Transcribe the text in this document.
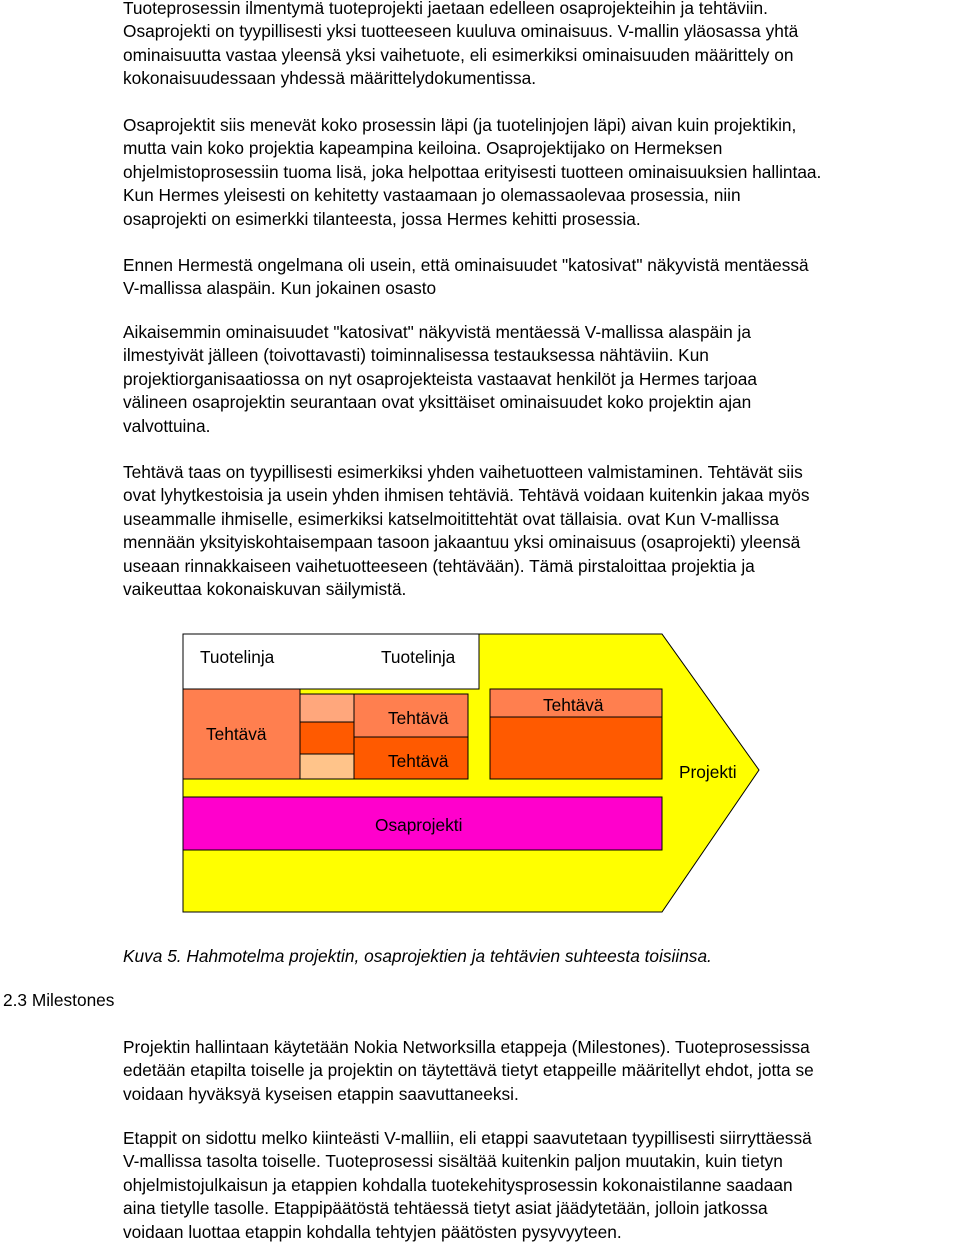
Tuoteprosessin ilmentymä tuoteprojekti jaetaan edelleen osaprojekteihin ja tehtäviin.
Osaprojekti on tyypillisesti yksi tuotteeseen kuuluva ominaisuus. V-mallin yläosassa yhtä
ominaisuutta vastaa yleensä yksi vaihetuote, eli esimerkiksi ominaisuuden määrittely on
kokonaisuudessaan yhdessä määrittelydokumentissa.

Osaprojektit siis menevät koko prosessin läpi (ja tuotelinjojen läpi) aivan kuin projektikin,
mutta vain koko projektia kapeampina keiloina. Osaprojektijako on Hermeksen
ohjelmistoprosessiin tuoma lisä, joka helpottaa erityisesti tuotteen ominaisuuksien hallintaa.
Kun Hermes yleisesti on kehitetty vastaamaan jo olemassaolevaa prosessia, niin
osaprojekti on esimerkki tilanteesta, jossa Hermes kehitti prosessia.

Ennen Hermestä ongelmana oli usein, että ominaisuudet "katosivat" näkyvistä mentäessä
V-mallissa alaspäin. Kun jokainen osasto

Aikaisemmin ominaisuudet "katosivat" näkyvistä mentäessä V-mallissa alaspäin ja
ilmestyivät jälleen (toivottavasti) toiminnalisessa testauksessa nähtäviin. Kun
projektiorganisaatiossa on nyt osaprojekteista vastaavat henkilöt ja Hermes tarjoaa
välineen osaprojektin seurantaan ovat yksittäiset ominaisuudet koko projektin ajan
valvottuina.

Tehtävä taas on tyypillisesti esimerkiksi yhden vaihetuotteen valmistaminen. Tehtävät siis
ovat lyhytkestoisia ja usein yhden ihmisen tehtäviä. Tehtävä voidaan kuitenkin jakaa myös
useammalle ihmiselle, esimerkiksi katselmoitittehtät ovat tällaisia. ovat Kun V-mallissa
mennään yksityiskohtaisempaan tasoon jakaantuu yksi ominaisuus (osaprojekti) yleensä
useaan rinnakkaiseen vaihetuotteeseen (tehtävään). Tämä pirstaloittaa projektia ja
vaikeuttaa kokonaiskuvan säilymistä.

Tuotelinja	Tuotelinja
Tehtävä
Tehtävä
Tehtävä
Tehtävä
Projekti
Osaprojekti
Kuva 5. Hahmotelma projektin, osaprojektien ja tehtävien suhteesta toisiinsa.
2.3 Milestones

Projektin hallintaan käytetään Nokia Networksilla etappeja (Milestones). Tuoteprosessissa
edetään etapilta toiselle ja projektin on täytettävä tietyt etappeille määritellyt ehdot, jotta se
voidaan hyväksyä kyseisen etappin saavuttaneeksi.

Etappit on sidottu melko kiinteästi V-malliin, eli etappi saavutetaan tyypillisesti siirryttäessä
V-mallissa tasolta toiselle. Tuoteprosessi sisältää kuitenkin paljon muutakin, kuin tietyn
ohjelmistojulkaisun ja etappien kohdalla tuotekehitysprosessin kokonaistilanne saadaan
aina tietylle tasolle. Etappipäätöstä tehtäessä tietyt asiat jäädytetään, jolloin jatkossa
voidaan luottaa etappin kohdalla tehtyjen päätösten pysyvyyteen.
